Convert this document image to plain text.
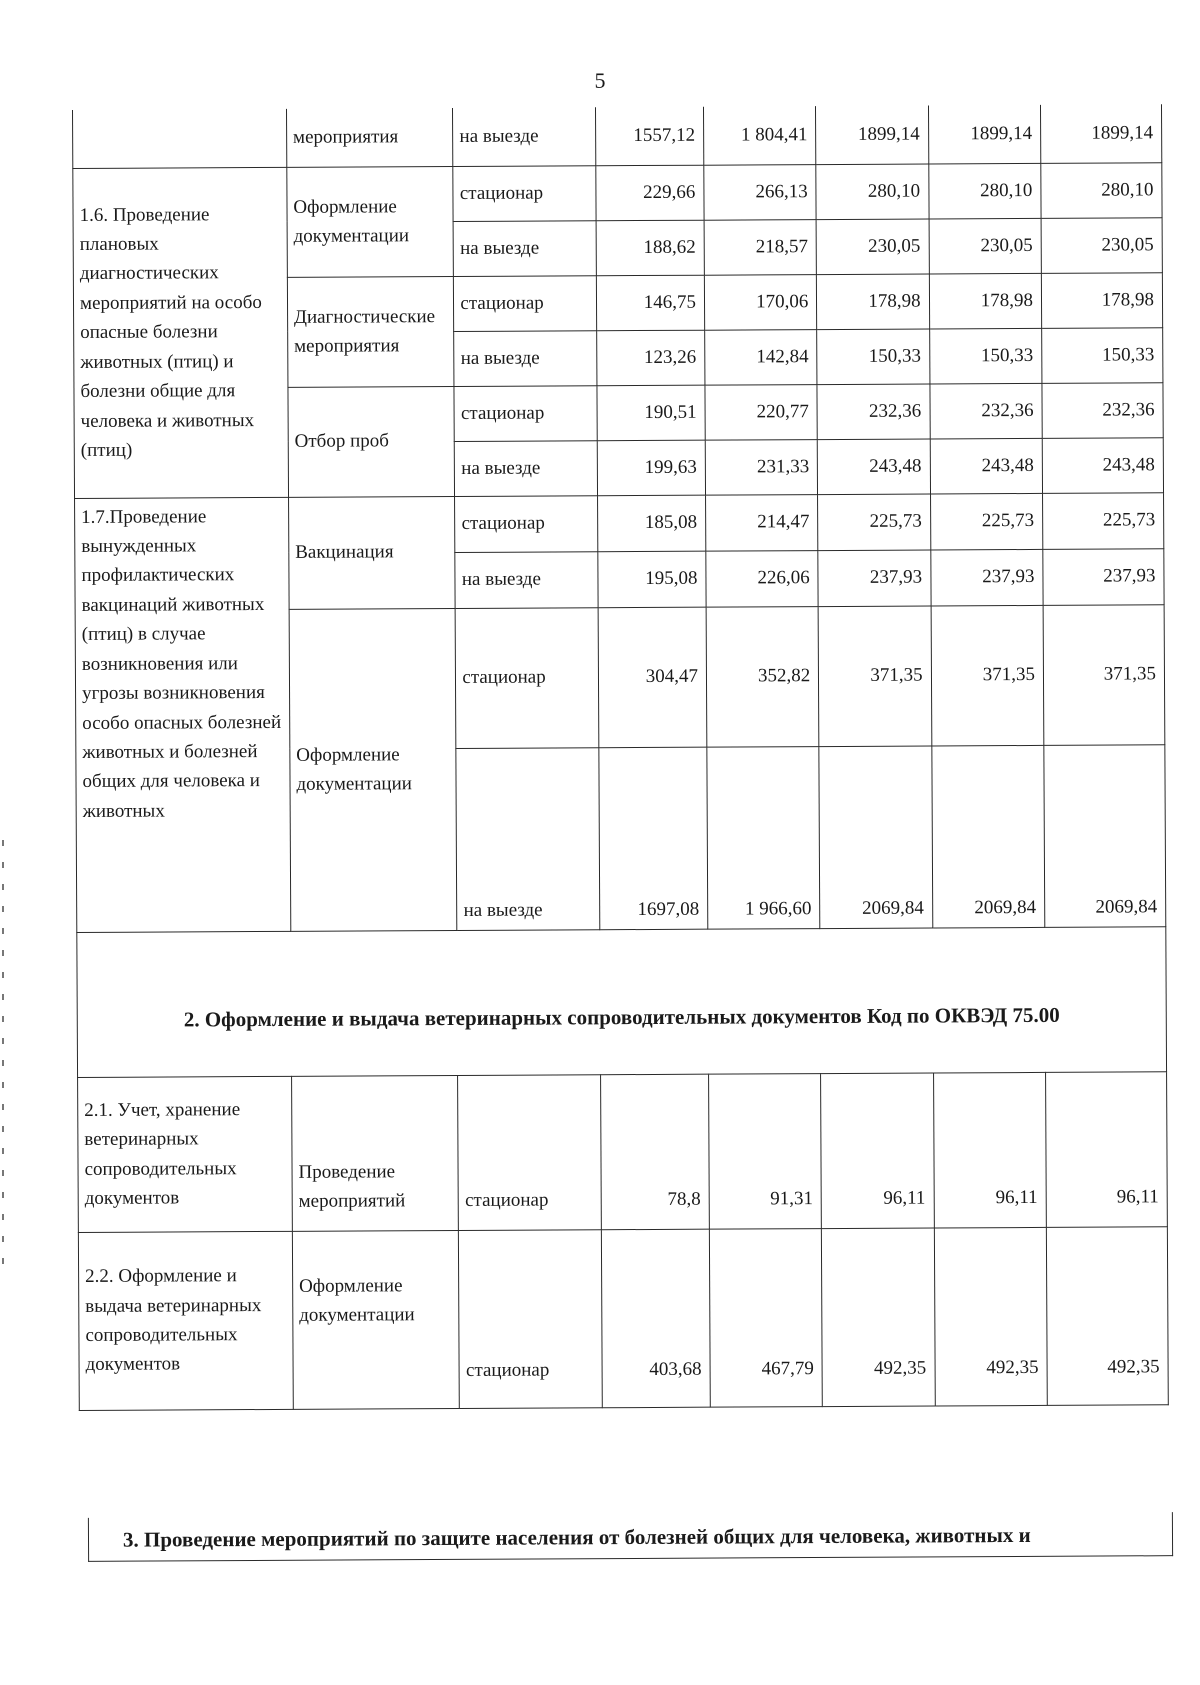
5
	мероприятия	на выезде	1557,12	1 804,41	1899,14	1899,14	1899,14
1.6. Проведение плановых диагностических мероприятий на особо опасные болезни животных (птиц) и болезни общие для человека и животных (птиц)	Оформление документации	стационар	229,66	266,13	280,10	280,10	280,10
		на выезде	188,62	218,57	230,05	230,05	230,05
	Диагностические мероприятия	стационар	146,75	170,06	178,98	178,98	178,98
		на выезде	123,26	142,84	150,33	150,33	150,33
	Отбор проб	стационар	190,51	220,77	232,36	232,36	232,36
		на выезде	199,63	231,33	243,48	243,48	243,48
1.7.Проведение вынужденных профилактических вакцинаций животных (птиц) в случае возникновения или угрозы возникновения особо опасных болезней животных и болезней общих для человека и животных	Вакцинация	стационар	185,08	214,47	225,73	225,73	225,73
		на выезде	195,08	226,06	237,93	237,93	237,93
	Оформление документации	стационар	304,47	352,82	371,35	371,35	371,35
		на выезде	1697,08	1 966,60	2069,84	2069,84	2069,84
2. Оформление и выдача ветеринарных сопроводительных документов Код по ОКВЭД 75.00							
2.1. Учет, хранение ветеринарных сопроводительных документов	Проведение мероприятий	стационар	78,8	91,31	96,11	96,11	96,11
2.2. Оформление и выдача ветеринарных сопроводительных документов	Оформление документации	стационар	403,68	467,79	492,35	492,35	492,35
3. Проведение мероприятий по защите населения от болезней общих для человека, животных и
